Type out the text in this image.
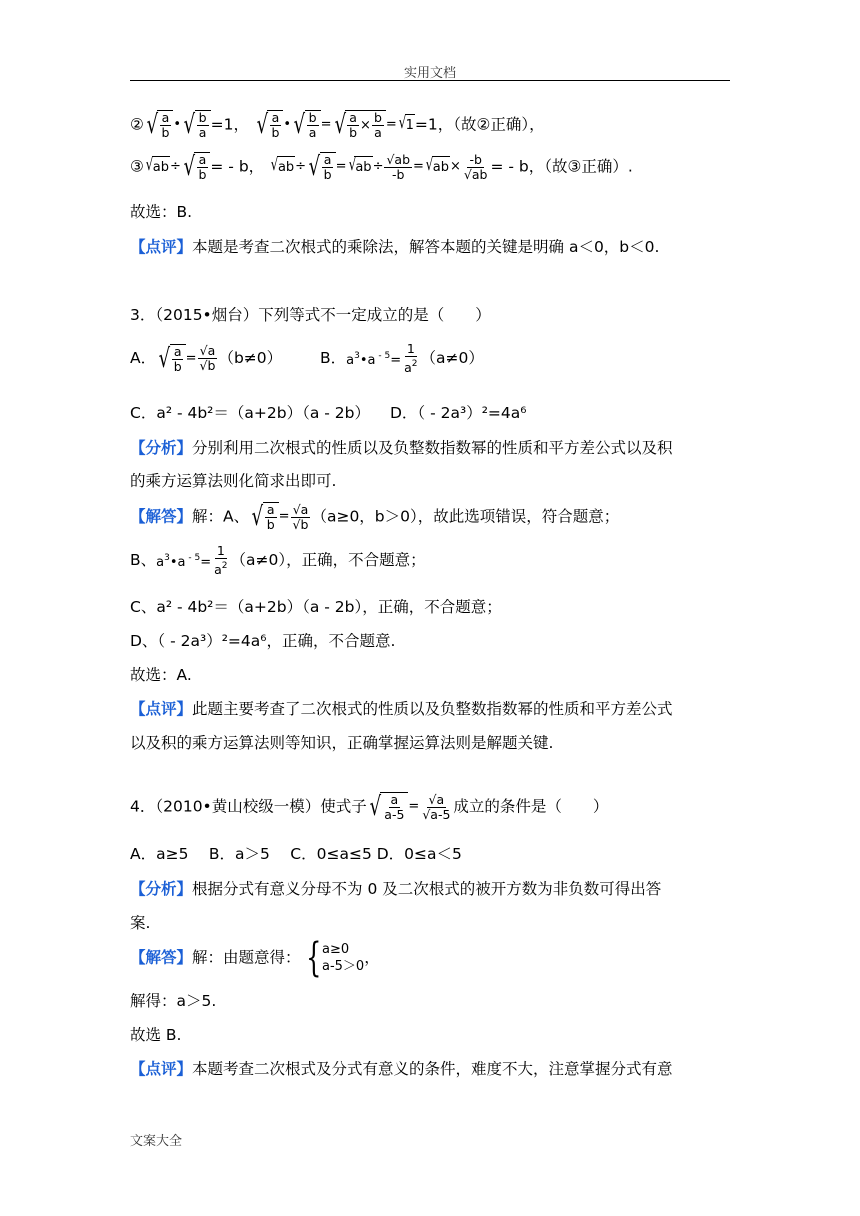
实用文档
② √ $\frac{a}{b}$ • √ $\frac{b}{a} =1$， √ $\frac{a}{b}$ • √ $\frac{b}{a}$ = √ $\frac{a}{b} \times \frac{b}{a}$ = √ 1 =1，（故②正确），
③ √ ab ÷ √ $\frac{a}{b}$ = - b， √ ab ÷ √ $\frac{a}{b}$ = √ ab ÷ $\frac{√ab}{-b}$ = √ ab × $\frac{-b}{√ab}$ = - b，（故③正确）.
故选：B.
【点评】本题是考查二次根式的乘除法，解答本题的关键是明确 a＜0，b＜0.
3．（2015•烟台）下列等式不一定成立的是（　　）
A． √ $\frac{a}{b} = \frac{√a}{√b} (b\ne 0)$ B．$a^3•a$ $^{- 5}= \frac{1}{a^2} (a\ne 0)$
C．a² - 4b²＝（a+2b）（a - 2b） D．（ - 2a³）²=4a⁶
【分析】分别利用二次根式的性质以及负整数指数幂的性质和平方差公式以及积
的乘方运算法则化简求出即可.
【解答】解：A、 √ $\frac{a}{b} = \frac{√a}{√b} (a\ge 0$，b＞0），故此选项错误，符合题意；
B、$a^3•a$ $^{- 5}= \frac{1}{a^2} (a\ne 0)$，正确，不合题意；
C、a² - 4b²＝（a+2b）（a - 2b），正确，不合题意；
D、（ - 2a³）²=4a⁶，正确，不合题意.
故选：A.
【点评】此题主要考查了二次根式的性质以及负整数指数幂的性质和平方差公式
以及积的乘方运算法则等知识，正确掌握运算法则是解题关键.
4．（2010•黄山校级一模）使式子 √ $\frac{a}{a-5} = \frac{√a}{√a-5}$ 成立的条件是（　　）
A．a≥5　 B．a＞5　 C．0≤a≤5 D．0≤a＜5
【分析】根据分式有意义分母不为 0 及二次根式的被开方数为非负数可得出答
案.
【解答】解：由题意得： { a≥0
a-5＞0 ，
解得：a＞5.
故选 B.
【点评】本题考查二次根式及分式有意义的条件，难度不大，注意掌握分式有意
文案大全
